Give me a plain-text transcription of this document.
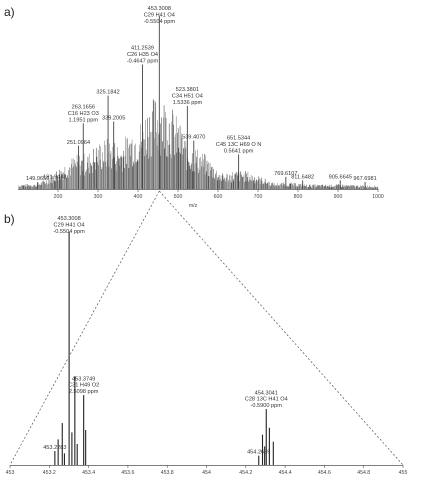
a)
200	300	400	500	600	700	800	900	1000
m/z
453.3008
C29 H41 O4
-0.5504 ppm
411.2539
C26 H35 O4
-0.4647 ppm
325.1842
339.2005
263.1656
C16 H23 O3
1.1951 ppm
251.0964
523.3801
C34 H51 O4
1.5336 ppm
539.4070	651.5344
C45 13C H69 O N
0.5641 ppm
149.0656
191.9448
769.6107
811.6482	905.6645 967.6981
b)
453	453.2	453.4	453.6	453.8	454	454.2	454.4	454.6	454.8	455
453.3008
C29 H41 O4
-0.5504 ppm
453.3749
C31 H49 O2
2.5098 ppm
453.2283
454.3041
C28 13C H41 O4
-0.5900 ppm
454.2659
